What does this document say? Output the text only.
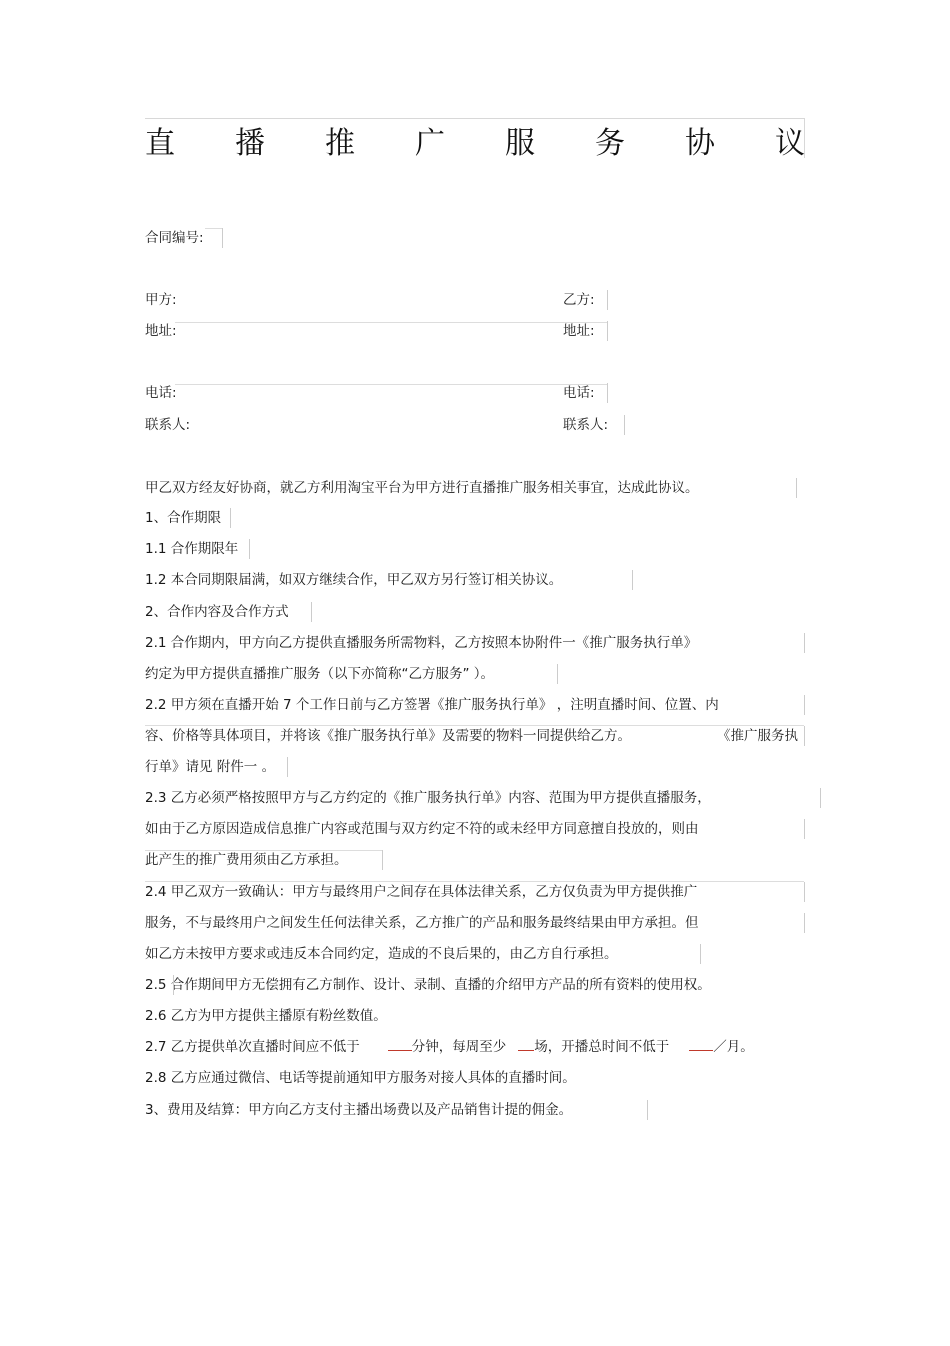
直 播 推 广 服 务 协 议
合同编号:
甲方:	乙方:
地址:	地址:
电话:	电话:
联系人:	联系人:
甲乙双方经友好协商，就乙方利用淘宝平台为甲方进行直播推广服务相关事宜，达成此协议。
1、合作期限
1.1 合作期限年
1.2 本合同期限届满，如双方继续合作，甲乙双方另行签订相关协议。
2、合作内容及合作方式
2.1 合作期内，甲方向乙方提供直播服务所需物料，乙方按照本协附件一《推广服务执行单》
约定为甲方提供直播推广服务（以下亦简称“乙方服务” ）。
2.2 甲方须在直播开始 7 个工作日前与乙方签署《推广服务执行单》 ，注明直播时间、位置、内
容、价格等具体项目，并将该《推广服务执行单》及需要的物料一同提供给乙方。	《推广服务执
行单》请见 附件一 。
2.3 乙方必须严格按照甲方与乙方约定的《推广服务执行单》内容、范围为甲方提供直播服务，
如由于乙方原因造成信息推广内容或范围与双方约定不符的或未经甲方同意擅自投放的，则由
此产生的推广费用须由乙方承担。
2.4 甲乙双方一致确认：甲方与最终用户之间存在具体法律关系，乙方仅负责为甲方提供推广
服务，不与最终用户之间发生任何法律关系，乙方推广的产品和服务最终结果由甲方承担。但
如乙方未按甲方要求或违反本合同约定，造成的不良后果的，由乙方自行承担。
2.5 合作期间甲方无偿拥有乙方制作、设计、录制、直播的介绍甲方产品的所有资料的使用权。
2.6 乙方为甲方提供主播原有粉丝数值。
2.7 乙方提供单次直播时间应不低于	分钟，每周至少 场，开播总时间不低于	／月。
2.8 乙方应通过微信、电话等提前通知甲方服务对接人具体的直播时间。
3、费用及结算：甲方向乙方支付主播出场费以及产品销售计提的佣金。
